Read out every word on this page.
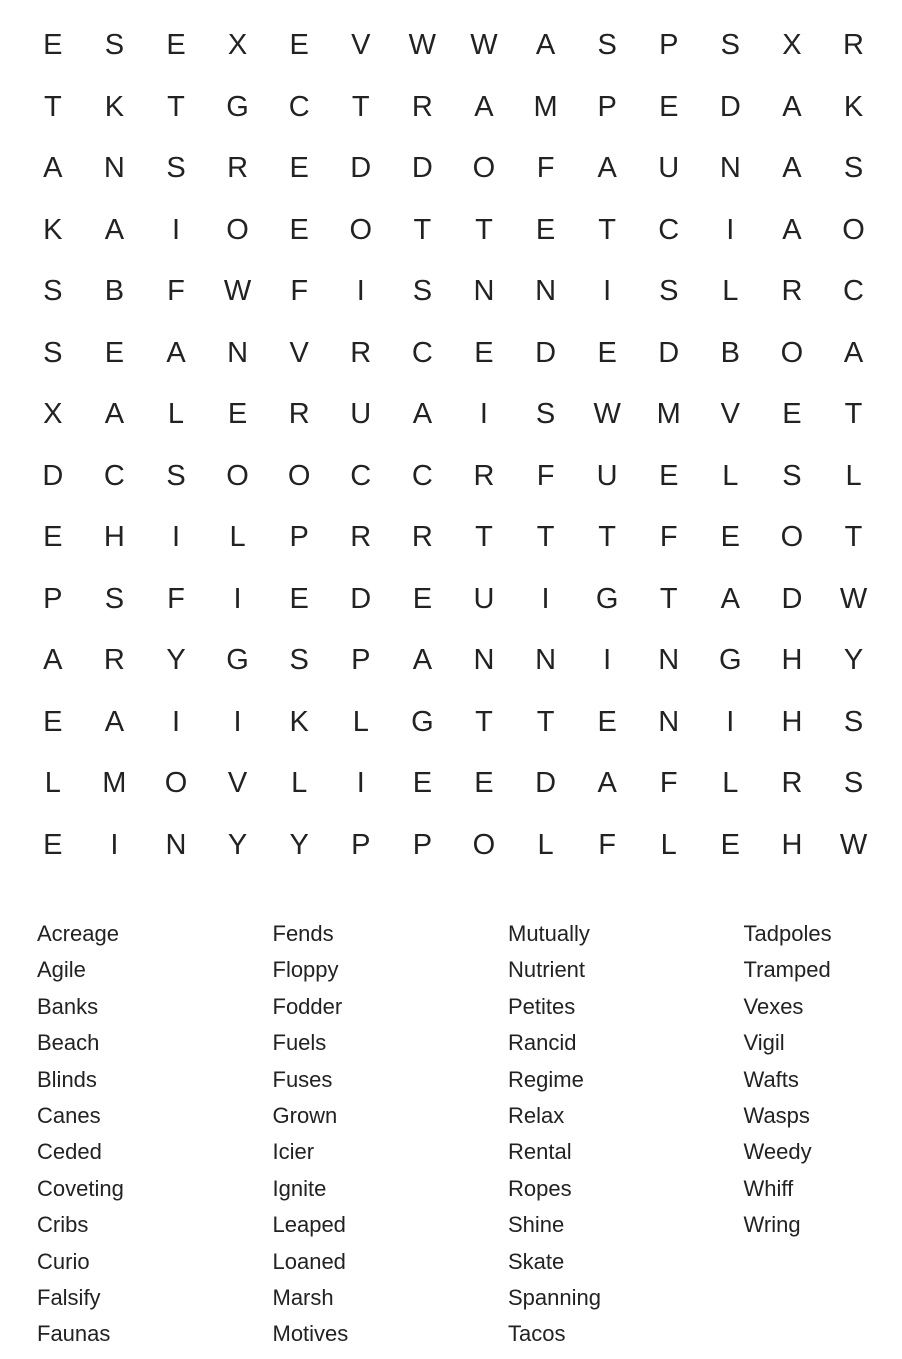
E	S	E	X	E	V	W	W	A	S	P	S	X	R
T	K	T	G	C	T	R	A	M	P	E	D	A	K
A	N	S	R	E	D	D	O	F	A	U	N	A	S
K	A	I	O	E	O	T	T	E	T	C	I	A	O
S	B	F	W	F	I	S	N	N	I	S	L	R	C
S	E	A	N	V	R	C	E	D	E	D	B	O	A
X	A	L	E	R	U	A	I	S	W	M	V	E	T
D	C	S	O	O	C	C	R	F	U	E	L	S	L
E	H	I	L	P	R	R	T	T	T	F	E	O	T
P	S	F	I	E	D	E	U	I	G	T	A	D	W
A	R	Y	G	S	P	A	N	N	I	N	G	H	Y
E	A	I	I	K	L	G	T	T	E	N	I	H	S
L	M	O	V	L	I	E	E	D	A	F	L	R	S
E	I	N	Y	Y	P	P	O	L	F	L	E	H	W
Acreage
Agile
Banks
Beach
Blinds
Canes
Ceded
Coveting
Cribs
Curio
Falsify
Faunas
Fends
Floppy
Fodder
Fuels
Fuses
Grown
Icier
Ignite
Leaped
Loaned
Marsh
Motives
Mutually
Nutrient
Petites
Rancid
Regime
Relax
Rental
Ropes
Shine
Skate
Spanning
Tacos
Tadpoles
Tramped
Vexes
Vigil
Wafts
Wasps
Weedy
Whiff
Wring
